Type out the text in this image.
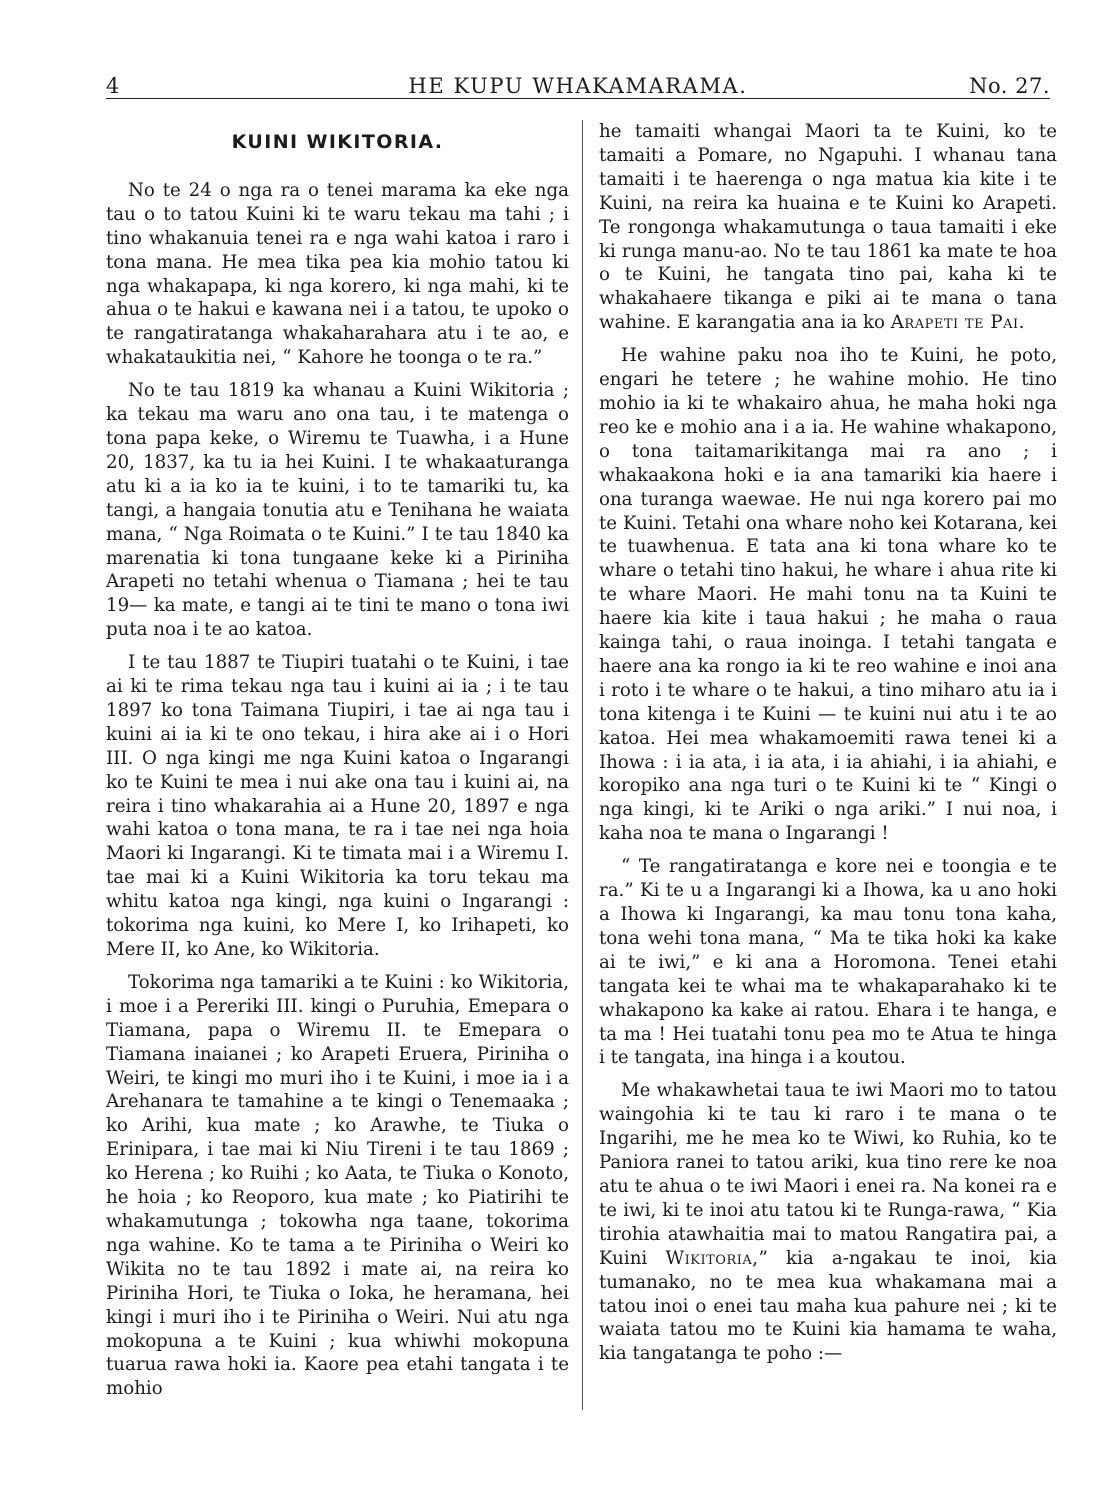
4	HE KUPU WHAKAMARAMA.	No. 27.
KUINI WIKITORIA.

No te 24 o nga ra o tenei marama ka eke nga tau o to tatou Kuini ki te waru tekau ma tahi ; i tino whakanuia tenei ra e nga wahi katoa i raro i tona mana. He mea tika pea kia mohio tatou ki nga whakapapa, ki nga korero, ki nga mahi, ki te ahua o te hakui e kawana nei i a tatou, te upoko o te rangatiratanga whakaharahara atu i te ao, e whakataukitia nei, “ Kahore he toonga o te ra.”

No te tau 1819 ka whanau a Kuini Wikitoria ; ka tekau ma waru ano ona tau, i te matenga o tona papa keke, o Wiremu te Tuawha, i a Hune 20, 1837, ka tu ia hei Kuini. I te whakaaturanga atu ki a ia ko ia te kuini, i to te tamariki tu, ka tangi, a hangaia tonutia atu e Tenihana he waiata mana, “ Nga Roimata o te Kuini.” I te tau 1840 ka marenatia ki tona tungaane keke ki a Piriniha Arapeti no tetahi whenua o Tiamana ; hei te tau 19— ka mate, e tangi ai te tini te mano o tona iwi puta noa i te ao katoa.

I te tau 1887 te Tiupiri tuatahi o te Kuini, i tae ai ki te rima tekau nga tau i kuini ai ia ; i te tau 1897 ko tona Taimana Tiupiri, i tae ai nga tau i kuini ai ia ki te ono tekau, i hira ake ai i o Hori III. O nga kingi me nga Kuini katoa o Ingarangi ko te Kuini te mea i nui ake ona tau i kuini ai, na reira i tino whakarahia ai a Hune 20, 1897 e nga wahi katoa o tona mana, te ra i tae nei nga hoia Maori ki Ingarangi. Ki te timata mai i a Wiremu I. tae mai ki a Kuini Wikitoria ka toru tekau ma whitu katoa nga kingi, nga kuini o Ingarangi : tokorima nga kuini, ko Mere I, ko Irihapeti, ko Mere II, ko Ane, ko Wikitoria.

Tokorima nga tamariki a te Kuini : ko Wikitoria, i moe i a Pereriki III. kingi o Puruhia, Emepara o Tiamana, papa o Wiremu II. te Emepara o Tiamana inaianei ; ko Arapeti Eruera, Piriniha o Weiri, te kingi mo muri iho i te Kuini, i moe ia i a Arehanara te tamahine a te kingi o Tenemaaka ; ko Arihi, kua mate ; ko Arawhe, te Tiuka o Erinipara, i tae mai ki Niu Tireni i te tau 1869 ; ko Herena ; ko Ruihi ; ko Aata, te Tiuka o Konoto, he hoia ; ko Reoporo, kua mate ; ko Piatirihi te whakamutunga ; tokowha nga taane, tokorima nga wahine. Ko te tama a te Piriniha o Weiri ko Wikita no te tau 1892 i mate ai, na reira ko Piriniha Hori, te Tiuka o Ioka, he heramana, hei kingi i muri iho i te Piriniha o Weiri. Nui atu nga mokopuna a te Kuini ; kua whiwhi mokopuna tuarua rawa hoki ia. Kaore pea etahi tangata i te mohio

he tamaiti whangai Maori ta te Kuini, ko te tamaiti a Pomare, no Ngapuhi. I whanau tana tamaiti i te haerenga o nga matua kia kite i te Kuini, na reira ka huaina e te Kuini ko Arapeti. Te rongonga whakamutunga o taua tamaiti i eke ki runga manu-ao. No te tau 1861 ka mate te hoa o te Kuini, he tangata tino pai, kaha ki te whakahaere tikanga e piki ai te mana o tana wahine. E karangatia ana ia ko Arapeti te Pai.

He wahine paku noa iho te Kuini, he poto, engari he tetere ; he wahine mohio. He tino mohio ia ki te whakairo ahua, he maha hoki nga reo ke e mohio ana i a ia. He wahine whakapono, o tona taitamarikitanga mai ra ano ; i whakaakona hoki e ia ana tamariki kia haere i ona turanga waewae. He nui nga korero pai mo te Kuini. Tetahi ona whare noho kei Kotarana, kei te tuawhenua. E tata ana ki tona whare ko te whare o tetahi tino hakui, he whare i ahua rite ki te whare Maori. He mahi tonu na ta Kuini te haere kia kite i taua hakui ; he maha o raua kainga tahi, o raua inoinga. I tetahi tangata e haere ana ka rongo ia ki te reo wahine e inoi ana i roto i te whare o te hakui, a tino miharo atu ia i tona kitenga i te Kuini — te kuini nui atu i te ao katoa. Hei mea whakamoemiti rawa tenei ki a Ihowa : i ia ata, i ia ata, i ia ahiahi, i ia ahiahi, e koropiko ana nga turi o te Kuini ki te “ Kingi o nga kingi, ki te Ariki o nga ariki.” I nui noa, i kaha noa te mana o Ingarangi !

“ Te rangatiratanga e kore nei e toongia e te ra.” Ki te u a Ingarangi ki a Ihowa, ka u ano hoki a Ihowa ki Ingarangi, ka mau tonu tona kaha, tona wehi tona mana, “ Ma te tika hoki ka kake ai te iwi,” e ki ana a Horomona. Tenei etahi tangata kei te whai ma te whakaparahako ki te whakapono ka kake ai ratou. Ehara i te hanga, e ta ma ! Hei tuatahi tonu pea mo te Atua te hinga i te tangata, ina hinga i a koutou.

Me whakawhetai taua te iwi Maori mo to tatou waingohia ki te tau ki raro i te mana o te Ingarihi, me he mea ko te Wiwi, ko Ruhia, ko te Paniora ranei to tatou ariki, kua tino rere ke noa atu te ahua o te iwi Maori i enei ra. Na konei ra e te iwi, ki te inoi atu tatou ki te Runga-rawa, “ Kia tirohia atawhaitia mai to matou Rangatira pai, a Kuini Wikitoria,” kia a-ngakau te inoi, kia tumanako, no te mea kua whakamana mai a tatou inoi o enei tau maha kua pahure nei ; ki te waiata tatou mo te Kuini kia hamama te waha, kia tangatanga te poho :—
